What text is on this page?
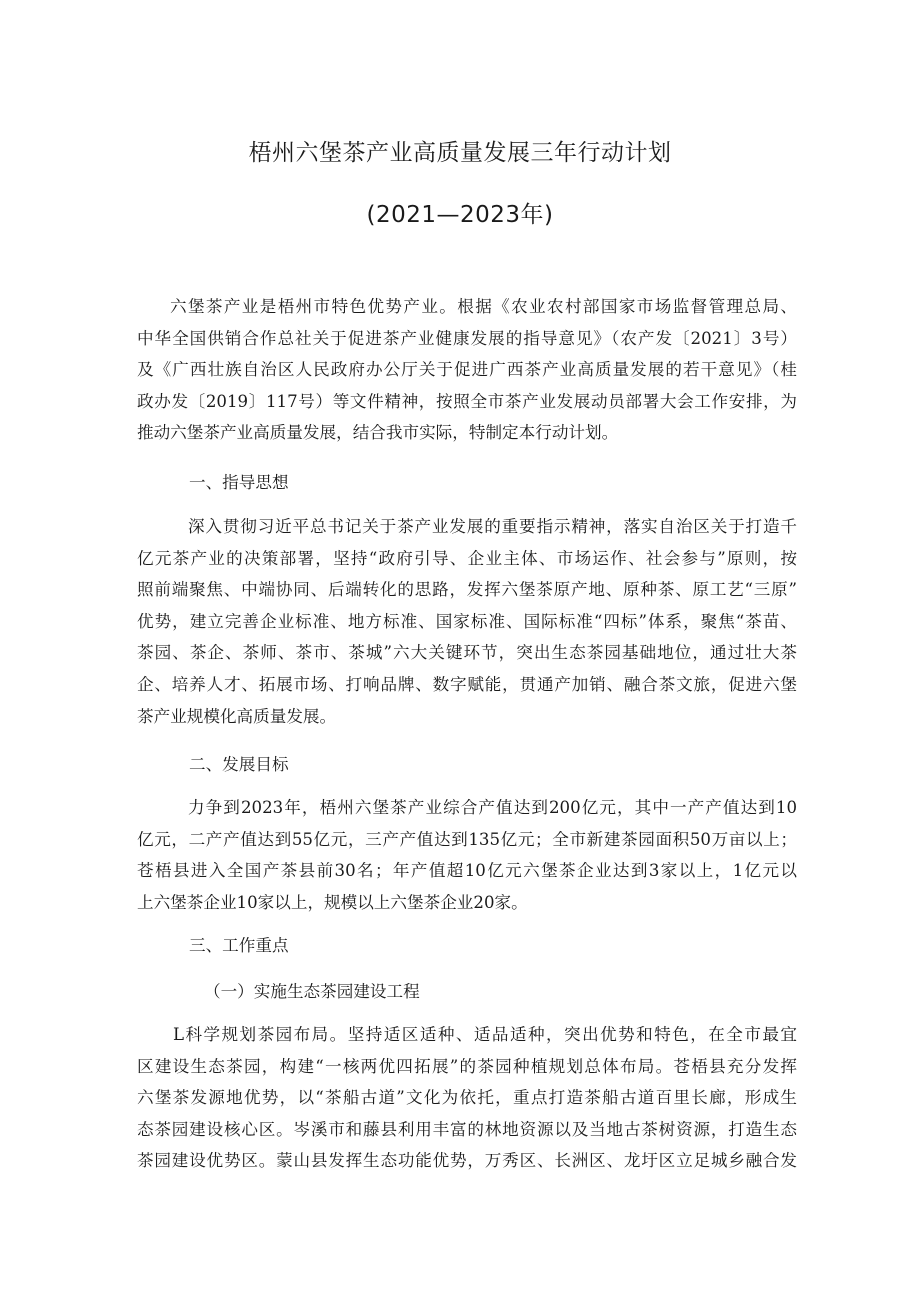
梧州六堡茶产业高质量发展三年行动计划
(2021—2023年)
六堡茶产业是梧州市特色优势产业。根据《农业农村部国家市场监督管理总局、
中华全国供销合作总社关于促进茶产业健康发展的指导意见》（农产发〔2021〕3号）
及《广西壮族自治区人民政府办公厅关于促进广西茶产业高质量发展的若干意见》（桂
政办发〔2019〕117号）等文件精神，按照全市茶产业发展动员部署大会工作安排，为
推动六堡茶产业高质量发展，结合我市实际，特制定本行动计划。
一、指导思想
深入贯彻习近平总书记关于茶产业发展的重要指示精神，落实自治区关于打造千
亿元茶产业的决策部署，坚持“政府引导、企业主体、市场运作、社会参与”原则，按
照前端聚焦、中端协同、后端转化的思路，发挥六堡茶原产地、原种茶、原工艺“三原”
优势，建立完善企业标准、地方标准、国家标准、国际标准“四标”体系，聚焦“茶苗、
茶园、茶企、茶师、茶市、茶城”六大关键环节，突出生态茶园基础地位，通过壮大茶
企、培养人才、拓展市场、打响品牌、数字赋能，贯通产加销、融合茶文旅，促进六堡
茶产业规模化高质量发展。
二、发展目标
力争到2023年，梧州六堡茶产业综合产值达到200亿元，其中一产产值达到10
亿元，二产产值达到55亿元，三产产值达到135亿元；全市新建茶园面积50万亩以上；
苍梧县进入全国产茶县前30名；年产值超10亿元六堡茶企业达到3家以上，1亿元以
上六堡茶企业10家以上，规模以上六堡茶企业20家。
三、工作重点
（一）实施生态茶园建设工程
L科学规划茶园布局。坚持适区适种、适品适种，突出优势和特色，在全市最宜
区建设生态茶园，构建“一核两优四拓展”的茶园种植规划总体布局。苍梧县充分发挥
六堡茶发源地优势，以“茶船古道”文化为依托，重点打造茶船古道百里长廊，形成生
态茶园建设核心区。岑溪市和藤县利用丰富的林地资源以及当地古茶树资源，打造生态
茶园建设优势区。蒙山县发挥生态功能优势，万秀区、长洲区、龙圩区立足城乡融合发
